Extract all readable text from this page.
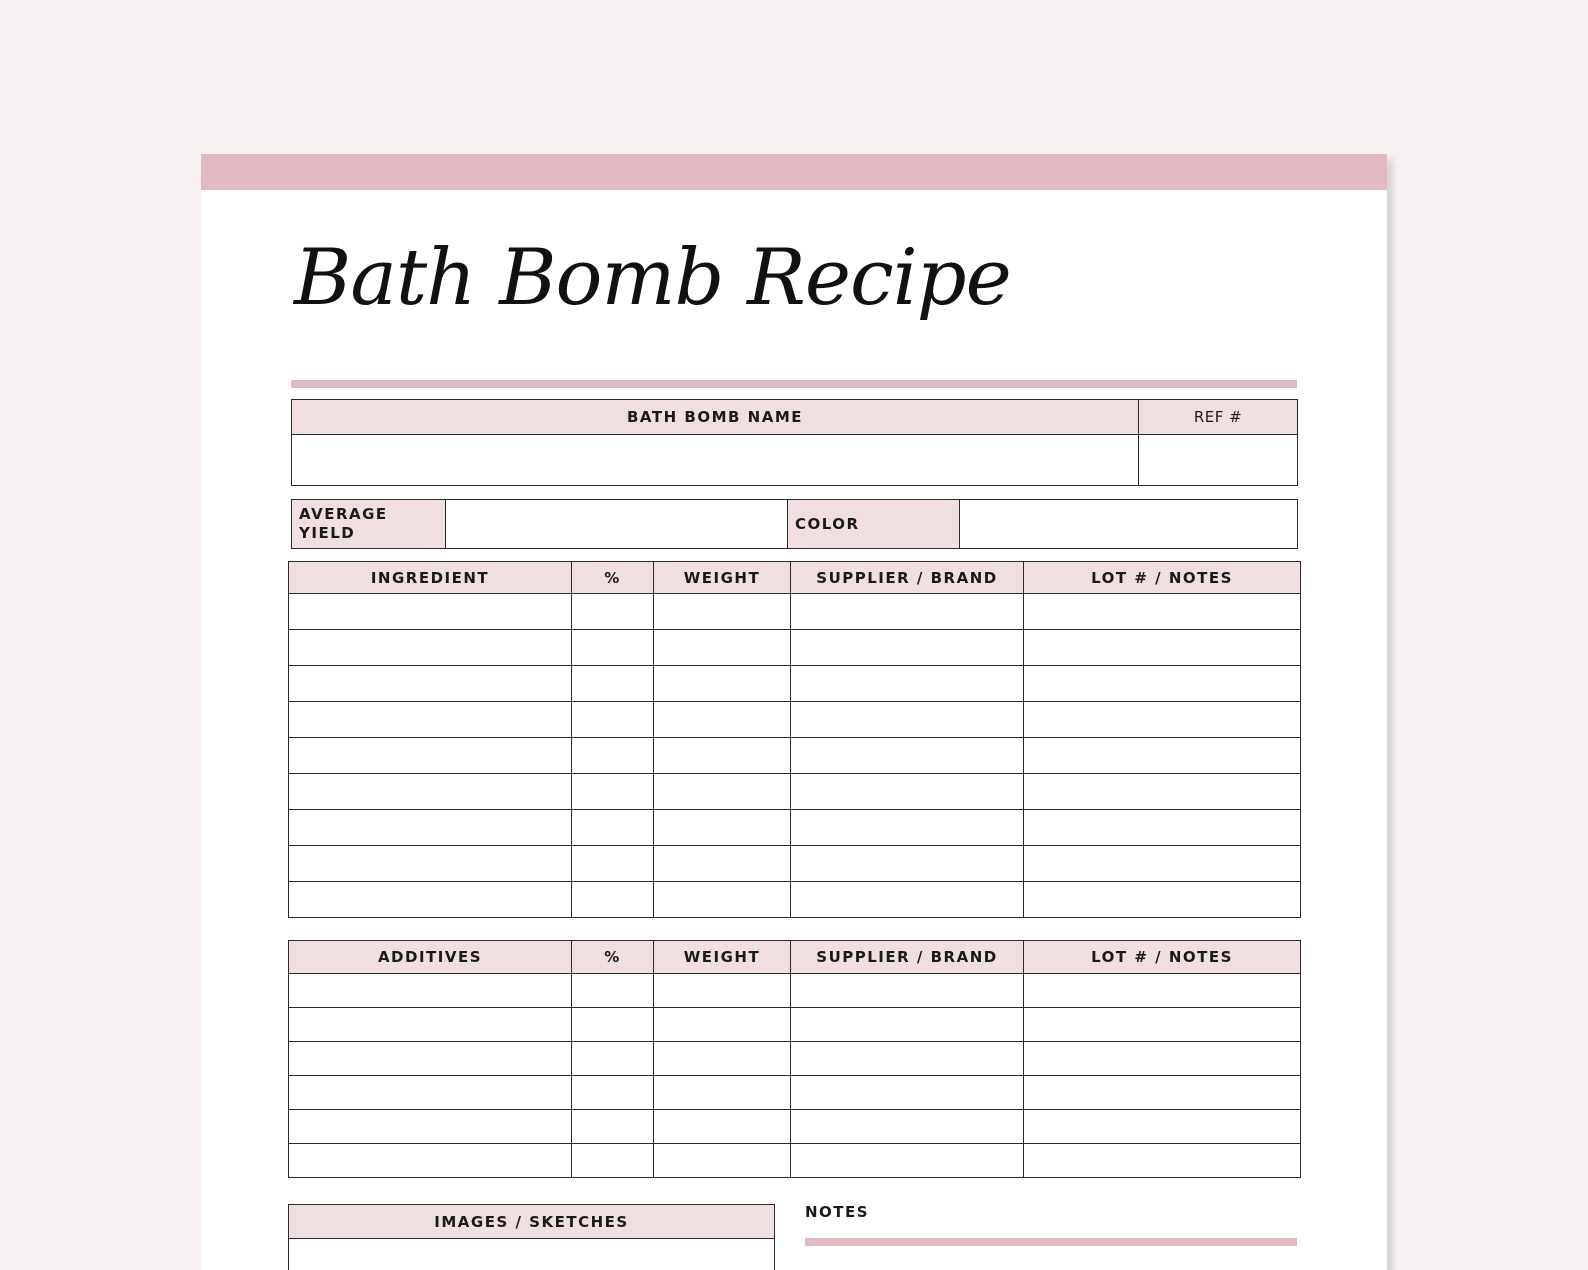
Bath Bomb Recipe
BATH BOMB NAME	REF #

AVERAGE
YIELD		COLOR	
INGREDIENT	%	WEIGHT	SUPPLIER / BRAND	LOT # / NOTES

ADDITIVES	%	WEIGHT	SUPPLIER / BRAND	LOT # / NOTES

IMAGES / SKETCHES

NOTES
